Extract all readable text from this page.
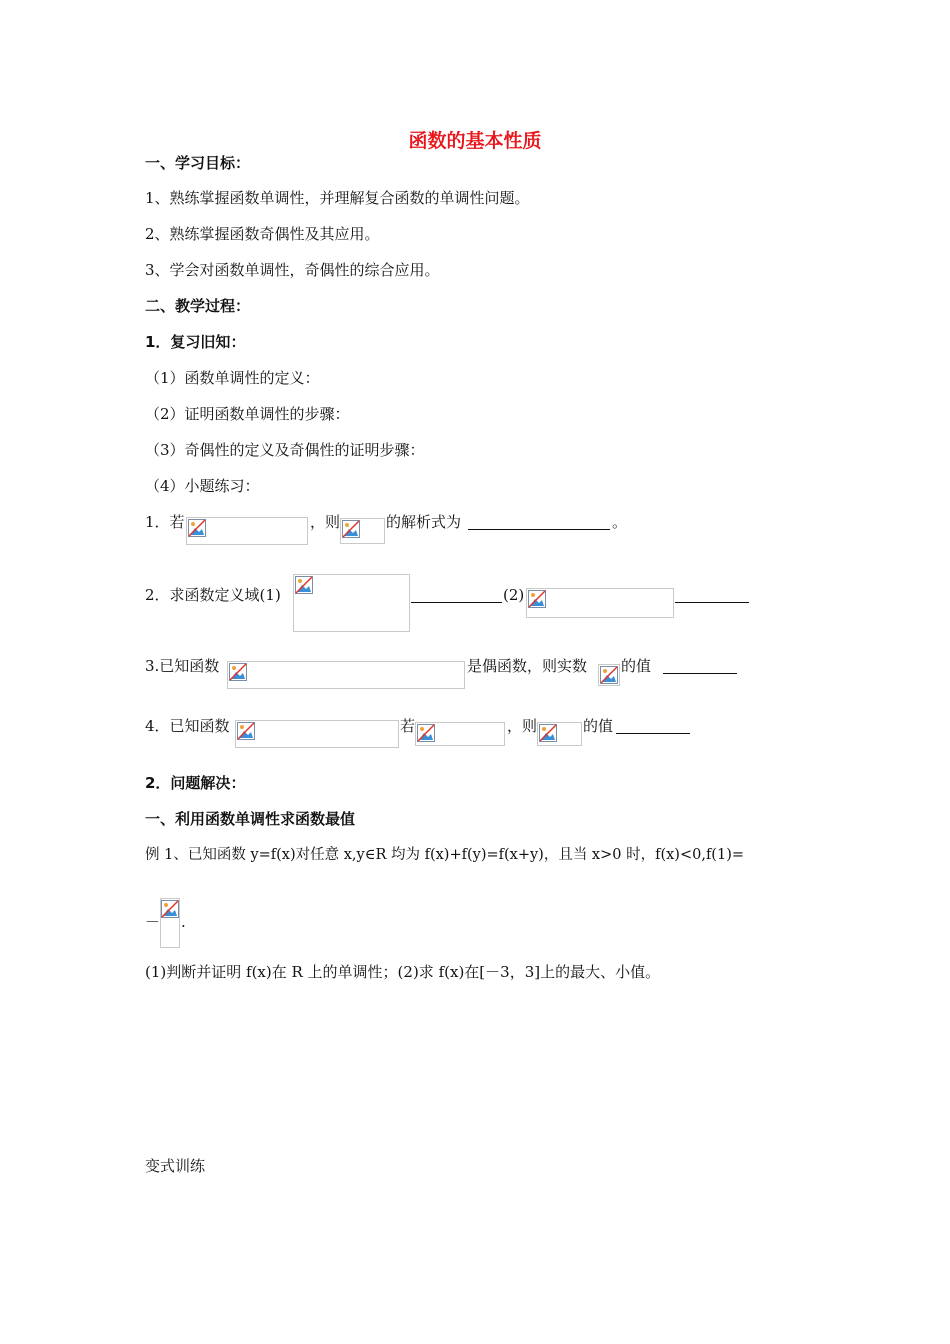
函数的基本性质
一、学习目标：
1、熟练掌握函数单调性，并理解复合函数的单调性问题。
2、熟练掌握函数奇偶性及其应用。
3、学会对函数单调性，奇偶性的综合应用。
二、教学过程：
1．复习旧知：
（1）函数单调性的定义：
（2）证明函数单调性的步骤：
（3）奇偶性的定义及奇偶性的证明步骤：
（4）小题练习：
1．若	，则	的解析式为	。
2．求函数定义域(1)	(2)
3.已知函数	是偶函数，则实数 的值
4．已知函数	若	，则	的值
2．问题解决：
一、利用函数单调性求函数最值
例 1、已知函数 y=f(x)对任意 x,y∈R 均为 f(x)+f(y)=f(x+y)，且当 x>0 时，f(x)<0,f(1)=
－ .
(1)判断并证明 f(x)在 R 上的单调性；(2)求 f(x)在[－3，3]上的最大、小值。
变式训练
